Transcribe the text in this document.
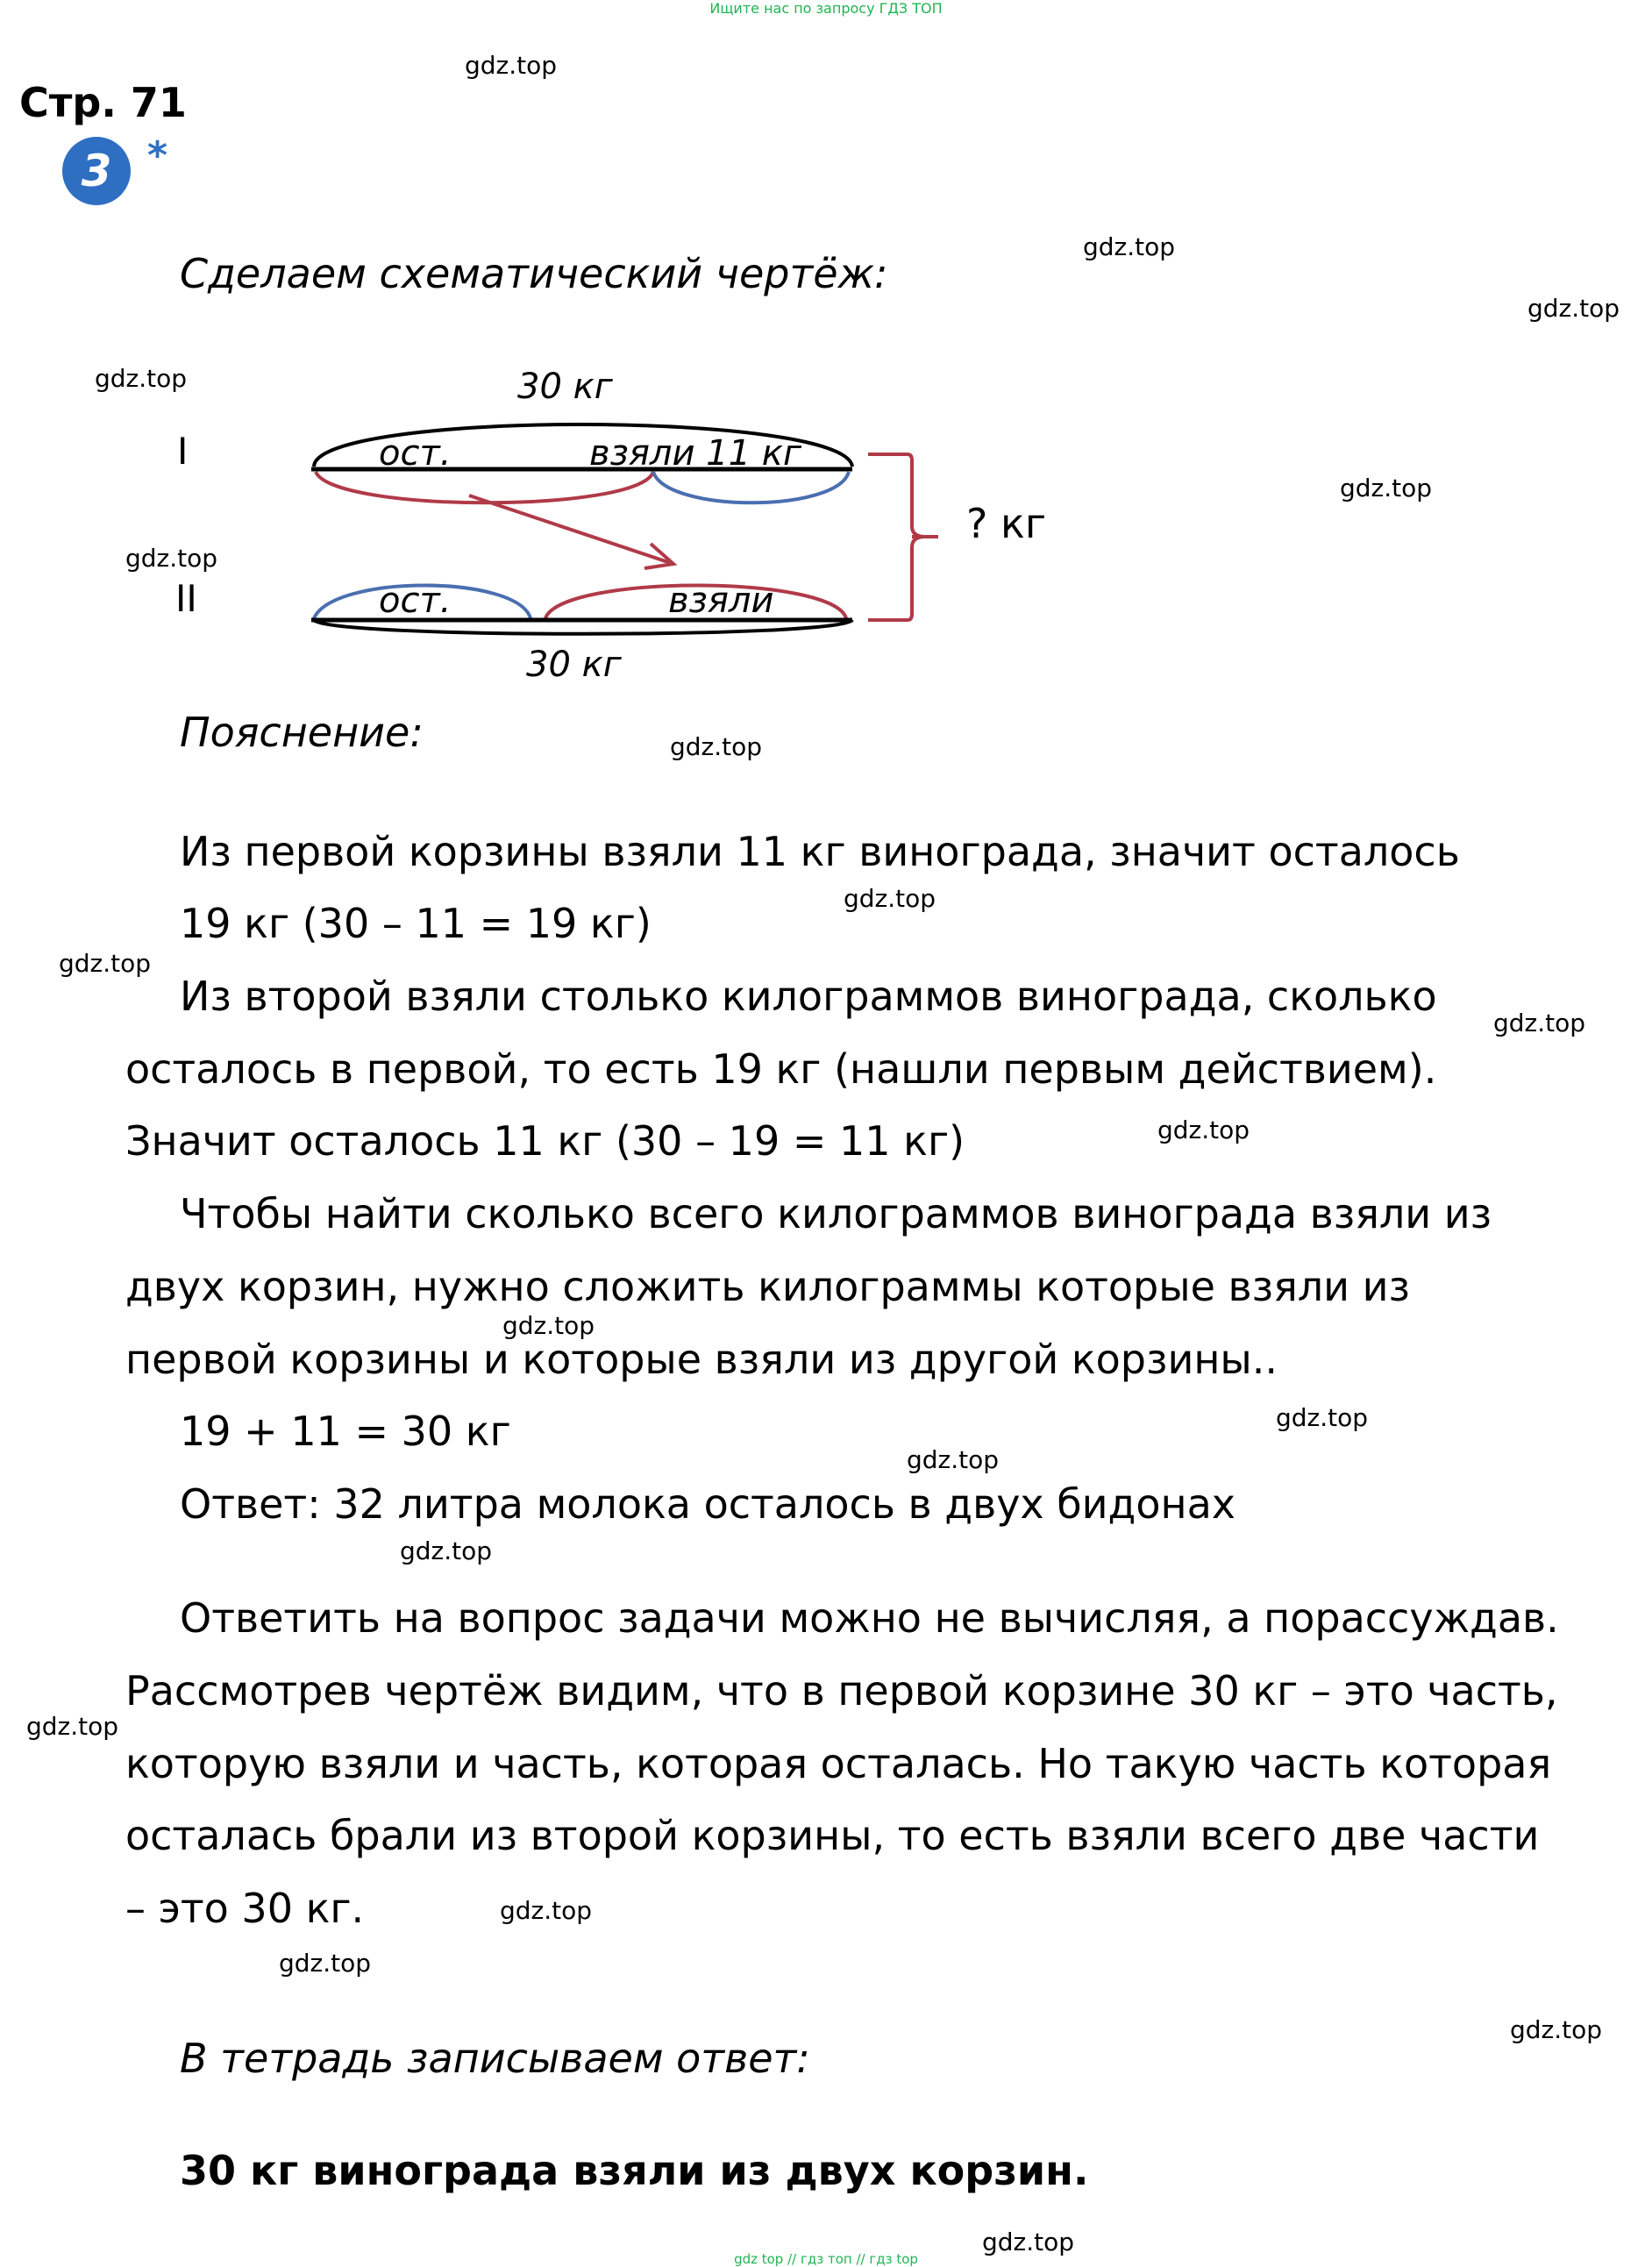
Ищите нас по запросу ГДЗ ТОП
Стр. 71
3 *
Сделаем схематический чертёж:
30 кг
I
II
ост.	взяли 11 кг
ост.	взяли
30 кг
? кг
Пояснение:
Из первой корзины взяли 11 кг винограда, значит осталось
19 кг (30 – 11 = 19 кг)
Из второй взяли столько килограммов винограда, сколько
осталось в первой, то есть 19 кг (нашли первым действием).
Значит осталось 11 кг (30 – 19 = 11 кг)
Чтобы найти сколько всего килограммов винограда взяли из
двух корзин, нужно сложить килограммы которые взяли из
первой корзины и которые взяли из другой корзины..
19 + 11 = 30 кг
Ответ: 32 литра молока осталось в двух бидонах
Ответить на вопрос задачи можно не вычисляя, а порассуждав.
Рассмотрев чертёж видим, что в первой корзине 30 кг – это часть,
которую взяли и часть, которая осталась. Но такую часть которая
осталась брали из второй корзины, то есть взяли всего две части
– это 30 кг.
В тетрадь записываем ответ:
30 кг винограда взяли из двух корзин.
gdz.top
gdz.top
gdz.top
gdz.top
gdz.top
gdz.top
gdz.top
gdz.top
gdz.top
gdz.top
gdz.top
gdz.top
gdz.top
gdz.top
gdz.top
gdz.top
gdz.top
gdz.top
gdz.top
gdz.top
gdz top // гдз топ // гдз top
